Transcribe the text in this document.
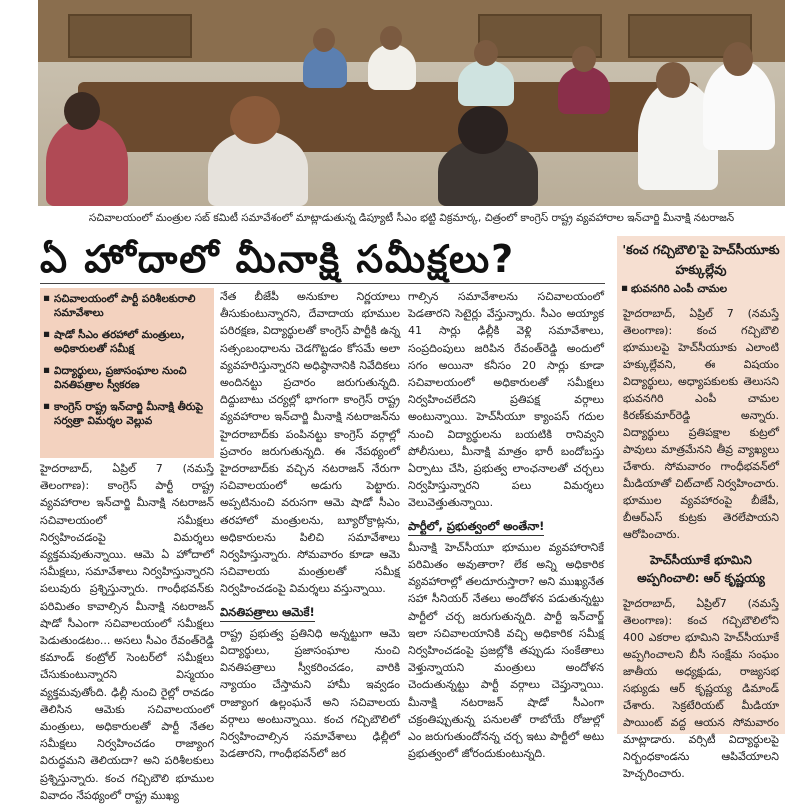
సచివాలయంలో మంత్రుల సబ్ కమిటీ సమావేశంలో మాట్లాడుతున్న డిప్యూటీ సీఎం భట్టి విక్రమార్క, చిత్రంలో కాంగ్రెస్ రాష్ట్ర వ్యవహారాల ఇన్‌చార్జి మీనాక్షి నటరాజన్
ఏ హోదాలో మీనాక్షి సమీక్షలు?
▪ సచివాలయంలో పార్టీ పరిశీలకురాలి సమావేశాలు
▪ షాడో సీఎం తరహాలో మంత్రులు, అధికారులతో సమీక్ష
▪ విద్యార్థులు, ప్రజాసంఘాల నుంచి వినతిపత్రాల స్వీకరణ
▪ కాంగ్రెస్ రాష్ట్ర ఇన్‌చార్జి మీనాక్షి తీరుపై సర్వత్రా విమర్శల వెల్లువ
హైదరాబాద్, ఏప్రిల్ 7 (నమస్తే తెలంగాణ): కాంగ్రెస్ పార్టీ రాష్ట్ర వ్యవహారాల ఇన్‌చార్జి మీనాక్షి నటరాజన్ సచివాలయంలో సమీక్షలు నిర్వహించడంపై విమర్శలు వ్యక్తమవుతున్నాయి. ఆమె ఏ హోదాలో సమీక్షలు, సమావేశాలు నిర్వహిస్తున్నారని పలువురు ప్రశ్నిస్తున్నారు. గాంధీభవన్‌కు పరిమితం కావాల్సిన మీనాక్షి నటరాజన్ షాడో సీఎంగా సచివాలయంలో సమీక్షలు పెడుతుండటం... అసలు సీఎం రేవంత్‌రెడ్డి కమాండ్ కంట్రోల్ సెంటర్‌లో సమీక్షలు చేసుకుంటున్నారని విస్మయం వ్యక్తమవుతోంది. ఢిల్లీ నుంచి రైల్లో రావడం తెలిసిన ఆమెకు సచివాలయంలో మంత్రులు, అధికారులతో పార్టీ నేతల సమీక్షలు నిర్వహించడం రాజ్యాంగ విరుద్ధమని తెలియదా? అని పరిశీలకులు ప్రశ్నిస్తున్నారు. కంచ గచ్చిబౌలి భూముల వివాదం నేపథ్యంలో రాష్ట్ర ముఖ్య
నేత బీజేపీ అనుకూల నిర్ణయాలు తీసుకుంటున్నారని, దేవాదాయ భూముల పరిరక్షణ, విద్యార్థులతో కాంగ్రెస్ పార్టీకి ఉన్న సత్సంబంధాలను చెడగొట్టడం కోసమే అలా వ్యవహరిస్తున్నారని అధిష్ఠానానికి నివేదికలు అందినట్టు ప్రచారం జరుగుతున్నది. దిద్దుబాటు చర్యల్లో భాగంగా కాంగ్రెస్ రాష్ట్ర వ్యవహారాల ఇన్‌చార్జి మీనాక్షి నటరాజన్‌ను హైదరాబాద్‌కు పంపినట్టు కాంగ్రెస్ వర్గాల్లో ప్రచారం జరుగుతున్నది. ఈ నేపథ్యంలో హైదరాబాద్‌కు వచ్చిన నటరాజన్ నేరుగా సచివాలయంలో అడుగు పెట్టారు. అప్పటినుంచి వరుసగా ఆమె షాడో సీఎం తరహాలో మంత్రులను, బ్యూరోక్రాట్లను, అధికారులను పిలిచి సమావేశాలు నిర్వహిస్తున్నారు. సోమవారం కూడా ఆమె సచివాలయ మంత్రులతో సమీక్ష నిర్వహించడంపై విమర్శలు వస్తున్నాయి.
వినతిపత్రాలు ఆమెకే!
రాష్ట్ర ప్రభుత్వ ప్రతినిధి అన్నట్టుగా ఆమె విద్యార్థులు, ప్రజాసంఘాల నుంచి వినతిపత్రాలు స్వీకరించడం, వారికి న్యాయం చేస్తామని హామీ ఇవ్వడం రాజ్యాంగ ఉల్లంఘనే అని సచివాలయ వర్గాలు అంటున్నాయి. కంచ గచ్చిబౌలిలో నిర్వహించాల్సిన సమావేశాలు ఢిల్లీలో పెడతారని, గాంధీభవన్‌లో జర
గాల్సిన సమావేశాలను సచివాలయంలో పెడతారని సెటైర్లు వేస్తున్నారు. సీఎం అయ్యాక 41 సార్లు ఢిల్లీకి వెళ్లి సమావేశాలు, సంప్రదింపులు జరిపిన రేవంత్‌రెడ్డి అందులో సగం అయినా కనీసం 20 సార్లు కూడా సచివాలయంలో అధికారులతో సమీక్షలు నిర్వహించలేదని ప్రతిపక్ష వర్గాలు అంటున్నాయి. హెచ్‌సీయూ క్యాంపస్ గదుల నుంచి విద్యార్థులను బయటికి రానివ్వని పోలీసులు, మీనాక్షి మాత్రం భారీ బందోబస్తు ఏర్పాటు చేసి, ప్రభుత్వ లాంఛనాలతో చర్చలు నిర్వహిస్తున్నారని పలు విమర్శలు వెలువెత్తుతున్నాయి.
పార్టీలో, ప్రభుత్వంలో అంతేనా!
మీనాక్షి హెచ్‌సీయూ భూముల వ్యవహారానికే పరిమితం అవుతారా? లేక అన్ని అధికారిక వ్యవహారాల్లో తలదూరుస్తారా? అని ముఖ్యనేత సహా సీనియర్ నేతలు అందోళన పడుతున్నట్టు పార్టీలో చర్చ జరుగుతున్నది. పార్టీ ఇన్‌చార్జ్ ఇలా సచివాలయానికి వచ్చి అధికారిక సమీక్ష నిర్వహించడంపై ప్రజల్లోకి తప్పుడు సంకేతాలు వెళ్తున్నాయని మంత్రులు అందోళన చెందుతున్నట్టు పార్టీ వర్గాలు చెప్తున్నాయి. మీనాక్షి నటరాజన్ షాడో సీఎంగా చక్రంతిప్పుతున్న పనులతో రాబోయే రోజుల్లో ఎం జరుగుతుందోనన్న చర్చ ఇటు పార్టీలో అటు ప్రభుత్వంలో జోరందుకుంటున్నది.
'కంచ గచ్చిబౌలి'పై హెచ్‌సీయూకు హక్కుల్లేవు
▪ భువనగిరి ఎంపీ చామల
హైదరాబాద్, ఏప్రిల్ 7 (నమస్తే తెలంగాణ): కంచ గచ్చిబౌలి భూములపై హెచ్‌సీయూకు ఎలాంటి హక్కుల్లేవని, ఈ విషయం విద్యార్థులు, అధ్యాపకులకు తెలుసని భువనగిరి ఎంపీ చామల కిరణ్‌కుమార్‌రెడ్డి అన్నారు. విద్యార్థులు ప్రతిపక్షాల కుట్రలో పావులు మాత్రమేనని తీవ్ర వ్యాఖ్యలు చేశారు. సోమవారం గాంధీభవన్‌లో మీడియాతో చిట్‌చాట్ నిర్వహించారు. భూముల వ్యవహారంపై బీజేపీ, బీఆర్‌ఎస్ కుట్రకు తెరలేపాయని ఆరోపించారు.
హెచ్‌సీయూకే భూమిని అప్పగించాలి: ఆర్ కృష్ణయ్య
హైదరాబాద్, ఏప్రిల్7 (నమస్తే తెలంగాణ): కంచ గచ్చిబౌలిలోని 400 ఎకరాల భూమిని హెచ్‌సీయూకే అప్పగించాలని బీసీ సంక్షేమ సంఘం జాతీయ అధ్యక్షుడు, రాజ్యసభ సభ్యుడు ఆర్ కృష్ణయ్య డిమాండ్ చేశారు. సెక్రటేరియట్ మీడియా పాయింట్ వద్ద ఆయన సోమవారం మాట్లాడారు. వర్సిటీ విద్యార్థులపై నిర్బంధకాండను ఆపివేయాలని హెచ్చరించారు.
